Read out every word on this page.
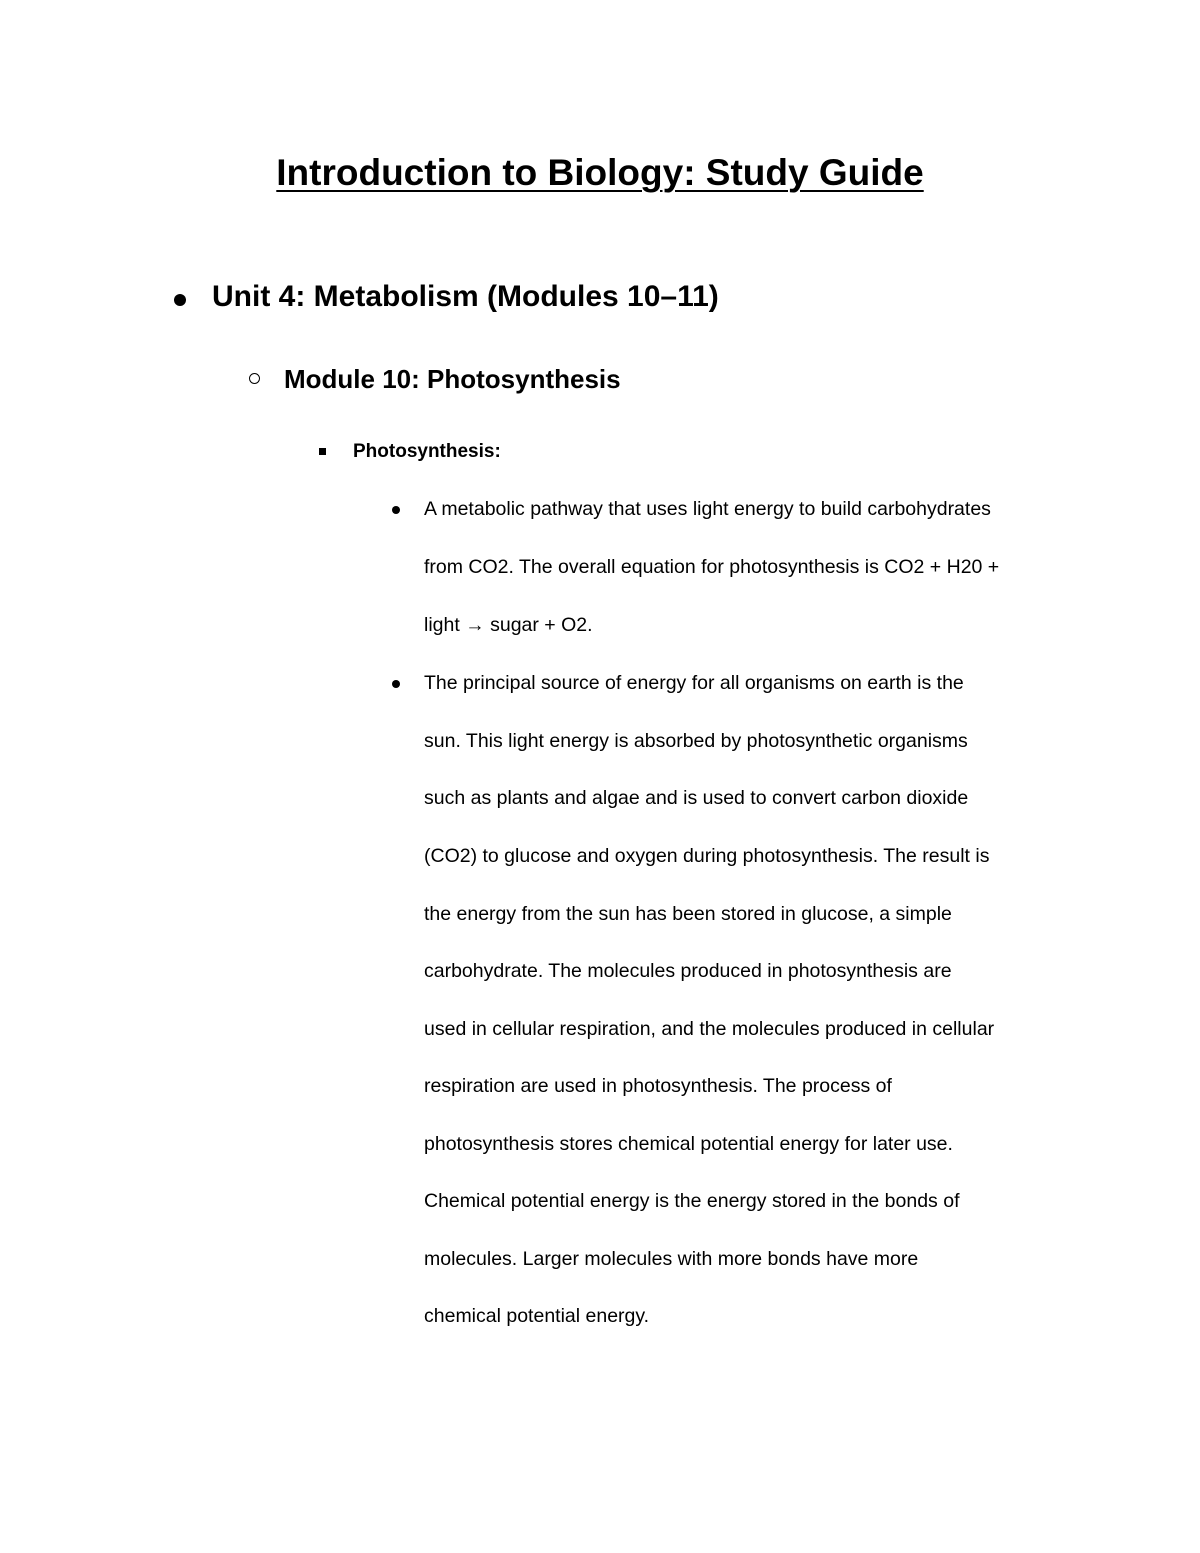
Introduction to Biology: Study Guide
Unit 4: Metabolism (Modules 10–11)
Module 10: Photosynthesis
Photosynthesis:
A metabolic pathway that uses light energy to build carbohydrates
from CO2. The overall equation for photosynthesis is CO2 + H20 +
light → sugar + O2.
The principal source of energy for all organisms on earth is the
sun. This light energy is absorbed by photosynthetic organisms
such as plants and algae and is used to convert carbon dioxide
(CO2) to glucose and oxygen during photosynthesis. The result is
the energy from the sun has been stored in glucose, a simple
carbohydrate. The molecules produced in photosynthesis are
used in cellular respiration, and the molecules produced in cellular
respiration are used in photosynthesis. The process of
photosynthesis stores chemical potential energy for later use.
Chemical potential energy is the energy stored in the bonds of
molecules. Larger molecules with more bonds have more
chemical potential energy.
